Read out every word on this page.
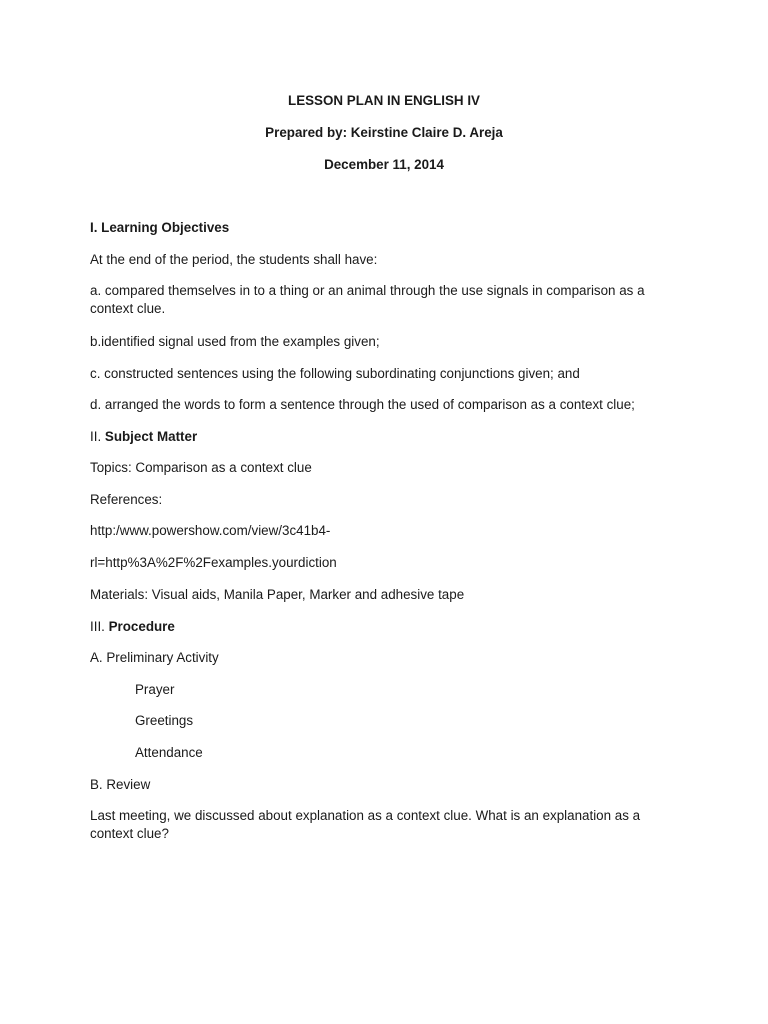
LESSON PLAN IN ENGLISH IV
Prepared by: Keirstine Claire D. Areja
December 11, 2014
I. Learning Objectives
At the end of the period, the students shall have:
a. compared themselves in to a thing or an animal through the use signals in comparison as a context clue.
b.identified signal used from the examples given;
c. constructed sentences using the following subordinating conjunctions given; and
d. arranged the words to form a sentence through the used of comparison as a context clue;
II. Subject Matter
Topics: Comparison as a context clue
References:
http:/www.powershow.com/view/3c41b4-
rl=http%3A%2F%2Fexamples.yourdiction
Materials: Visual aids, Manila Paper, Marker and adhesive tape
III. Procedure
A. Preliminary Activity
Prayer
Greetings
Attendance
B. Review
Last meeting, we discussed about explanation as a context clue. What is an explanation as a context clue?
